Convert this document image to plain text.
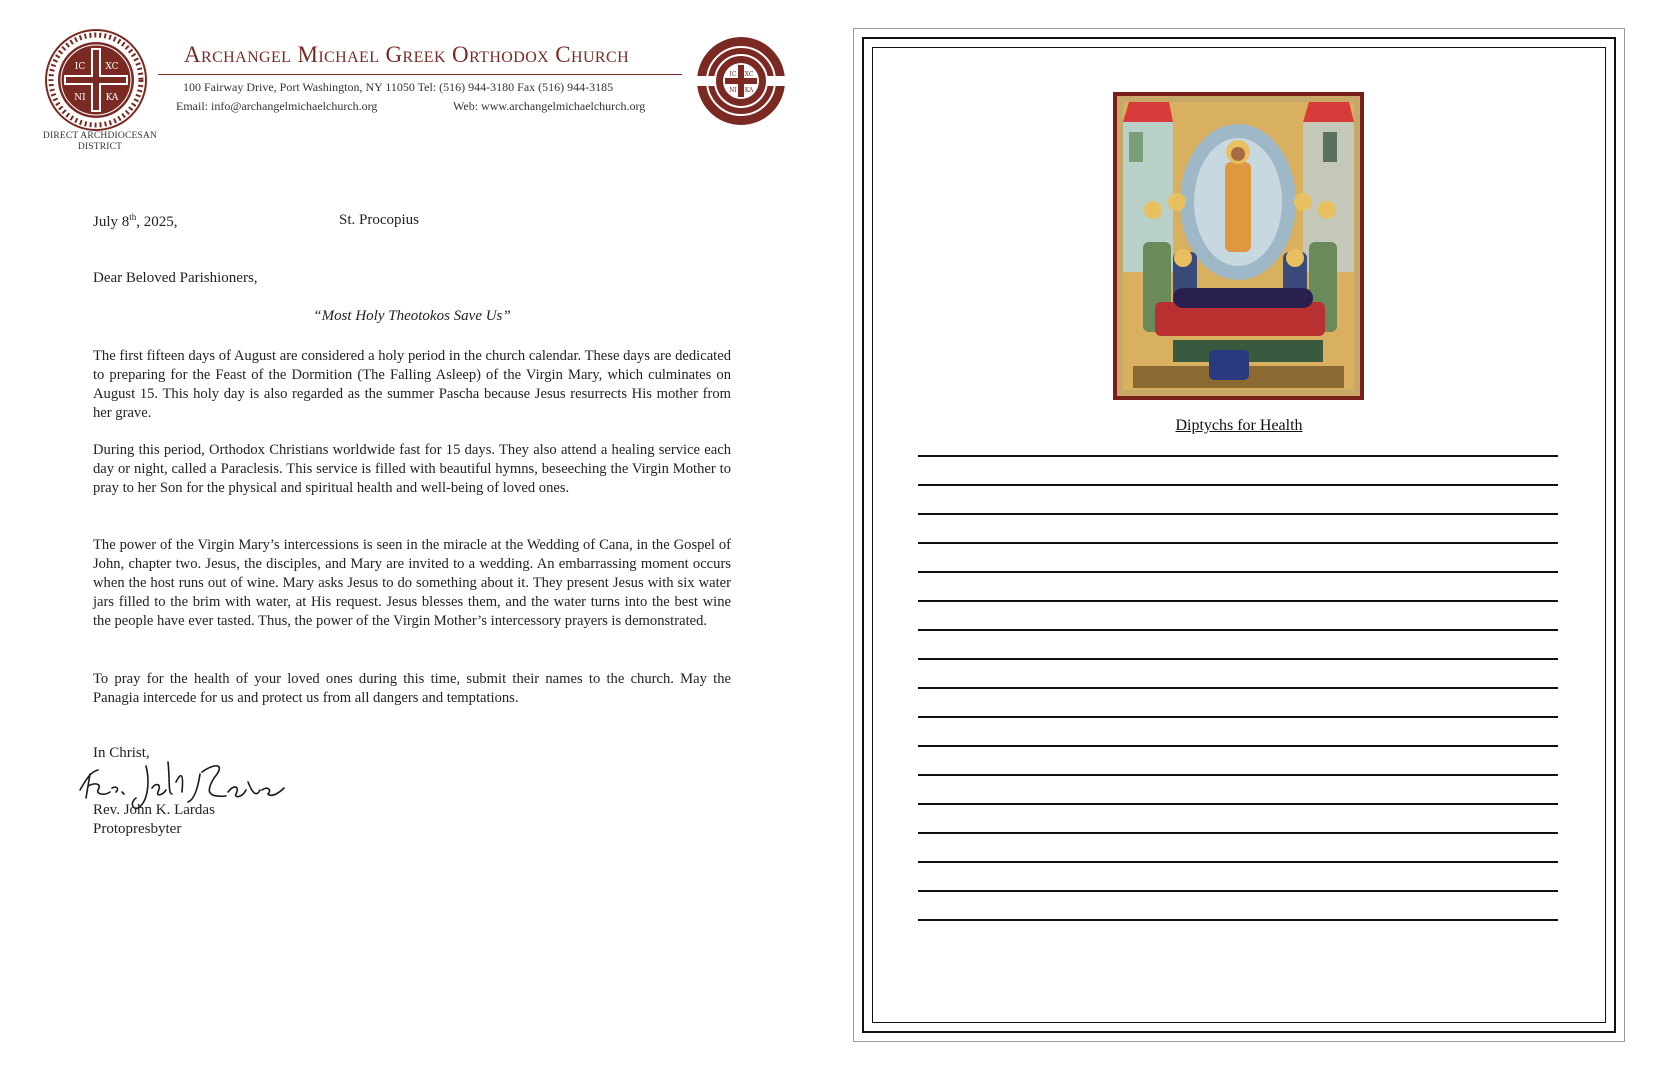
IC XC
NI KA
DIRECT ARCHDIOCESAN DISTRICT
Archangel Michael Greek Orthodox Church
100 Fairway Drive, Port Washington, NY 11050 Tel: (516) 944-3180 Fax (516) 944-3185
Email: info@archangelmichaelchurch.org	Web: www.archangelmichaelchurch.org
IC XC
NI KA
July 8th, 2025,	St. Procopius
Dear Beloved Parishioners,
“Most Holy Theotokos Save Us”

The first fifteen days of August are considered a holy period in the church calendar. These days are dedicated to preparing for the Feast of the Dormition (The Falling Asleep) of the Virgin Mary, which culminates on August 15. This holy day is also regarded as the summer Pascha because Jesus resurrects His mother from her grave.

During this period, Orthodox Christians worldwide fast for 15 days. They also attend a healing service each day or night, called a Paraclesis. This service is filled with beautiful hymns, beseeching the Virgin Mother to pray to her Son for the physical and spiritual health and well-being of loved ones.

The power of the Virgin Mary’s intercessions is seen in the miracle at the Wedding of Cana, in the Gospel of John, chapter two. Jesus, the disciples, and Mary are invited to a wedding. An embarrassing moment occurs when the host runs out of wine. Mary asks Jesus to do something about it. They present Jesus with six water jars filled to the brim with water, at His request. Jesus blesses them, and the water turns into the best wine the people have ever tasted. Thus, the power of the Virgin Mother’s intercessory prayers is demonstrated.

To pray for the health of your loved ones during this time, submit their names to the church. May the Panagia intercede for us and protect us from all dangers and temptations.

In Christ,
Rev. John K. Lardas
Protopresbyter
Diptychs for Health
